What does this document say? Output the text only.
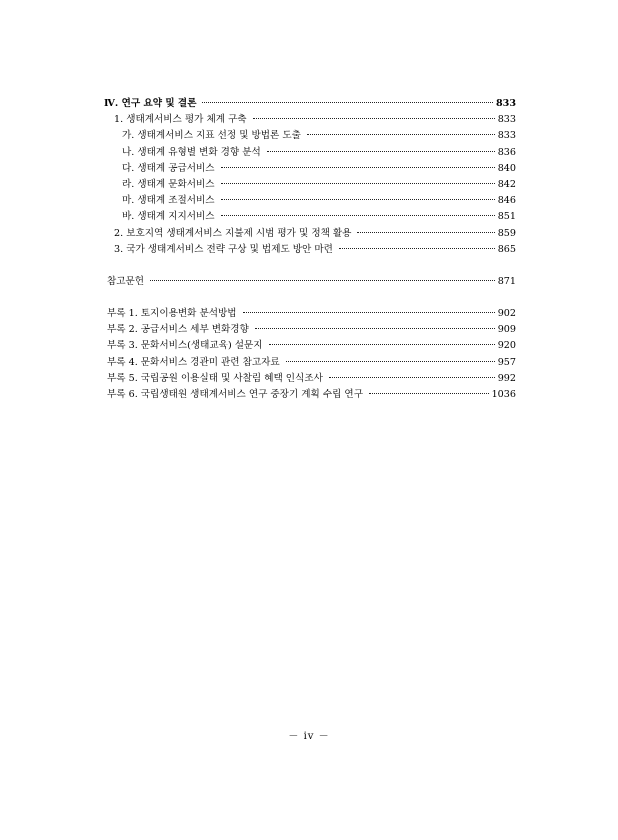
Ⅳ. 연구 요약 및 결론	833
1. 생태계서비스 평가 체계 구축	833
가. 생태계서비스 지표 선정 및 방법론 도출	833
나. 생태계 유형별 변화 경향 분석	836
다. 생태계 공급서비스	840
라. 생태계 문화서비스	842
마. 생태계 조절서비스	846
바. 생태계 지지서비스	851
2. 보호지역 생태계서비스 지불제 시범 평가 및 정책 활용	859
3. 국가 생태계서비스 전략 구상 및 법제도 방안 마련	865
참고문헌	871
부록 1. 토지이용변화 분석방법	902
부록 2. 공급서비스 세부 변화경향	909
부록 3. 문화서비스(생태교육) 설문지	920
부록 4. 문화서비스 경관미 관련 참고자료	957
부록 5. 국립공원 이용실태 및 사찰림 혜택 인식조사	992
부록 6. 국립생태원 생태계서비스 연구 중장기 계획 수립 연구	1036
－ iv －
